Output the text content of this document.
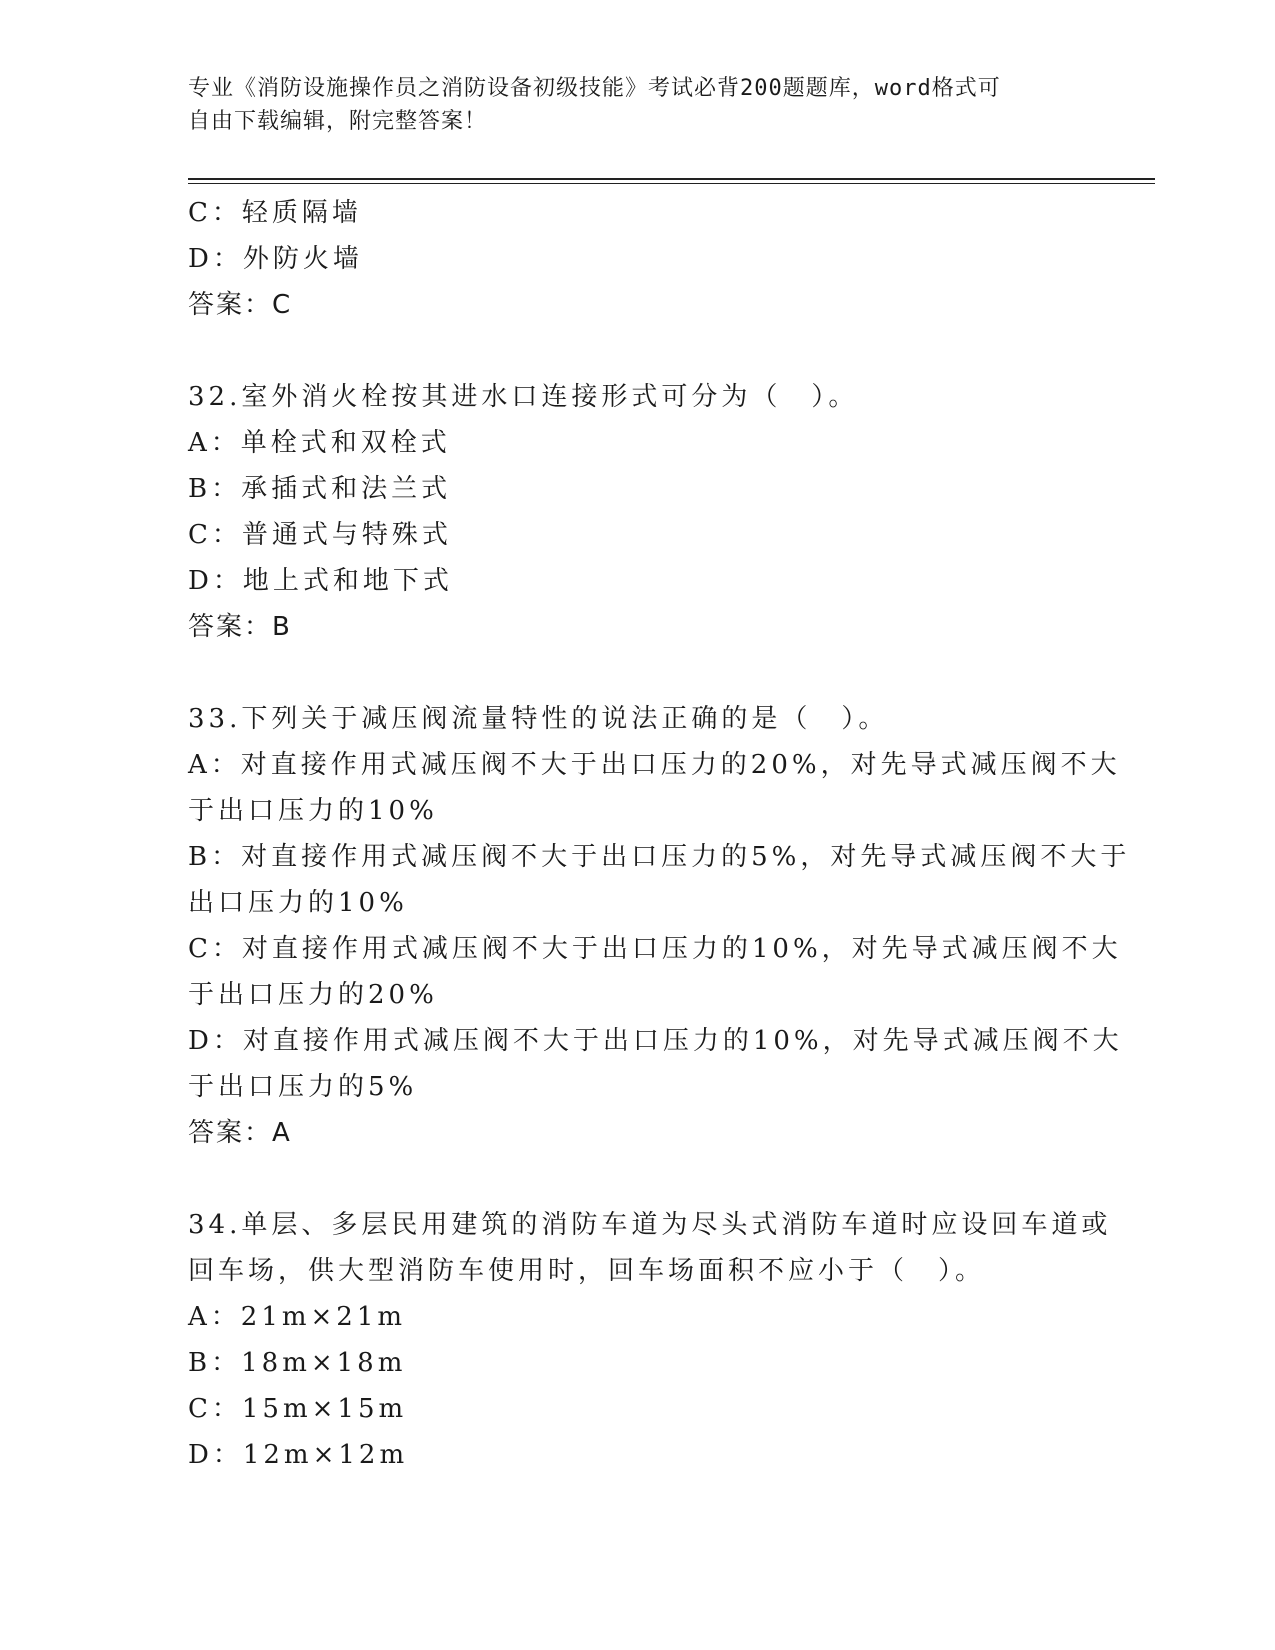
专业《消防设施操作员之消防设备初级技能》考试必背200题题库，word格式可
自由下载编辑，附完整答案！
C：轻质隔墙
D：外防火墙
答案：C
32.室外消火栓按其进水口连接形式可分为（　）。
A：单栓式和双栓式
B：承插式和法兰式
C：普通式与特殊式
D：地上式和地下式
答案：B
33.下列关于减压阀流量特性的说法正确的是（　）。
A：对直接作用式减压阀不大于出口压力的20%，对先导式减压阀不大
于出口压力的10%
B：对直接作用式减压阀不大于出口压力的5%，对先导式减压阀不大于
出口压力的10%
C：对直接作用式减压阀不大于出口压力的10%，对先导式减压阀不大
于出口压力的20%
D：对直接作用式减压阀不大于出口压力的10%，对先导式减压阀不大
于出口压力的5%
答案：A
34.单层、多层民用建筑的消防车道为尽头式消防车道时应设回车道或
回车场，供大型消防车使用时，回车场面积不应小于（　）。
A：21m×21m
B：18m×18m
C：15m×15m
D：12m×12m
